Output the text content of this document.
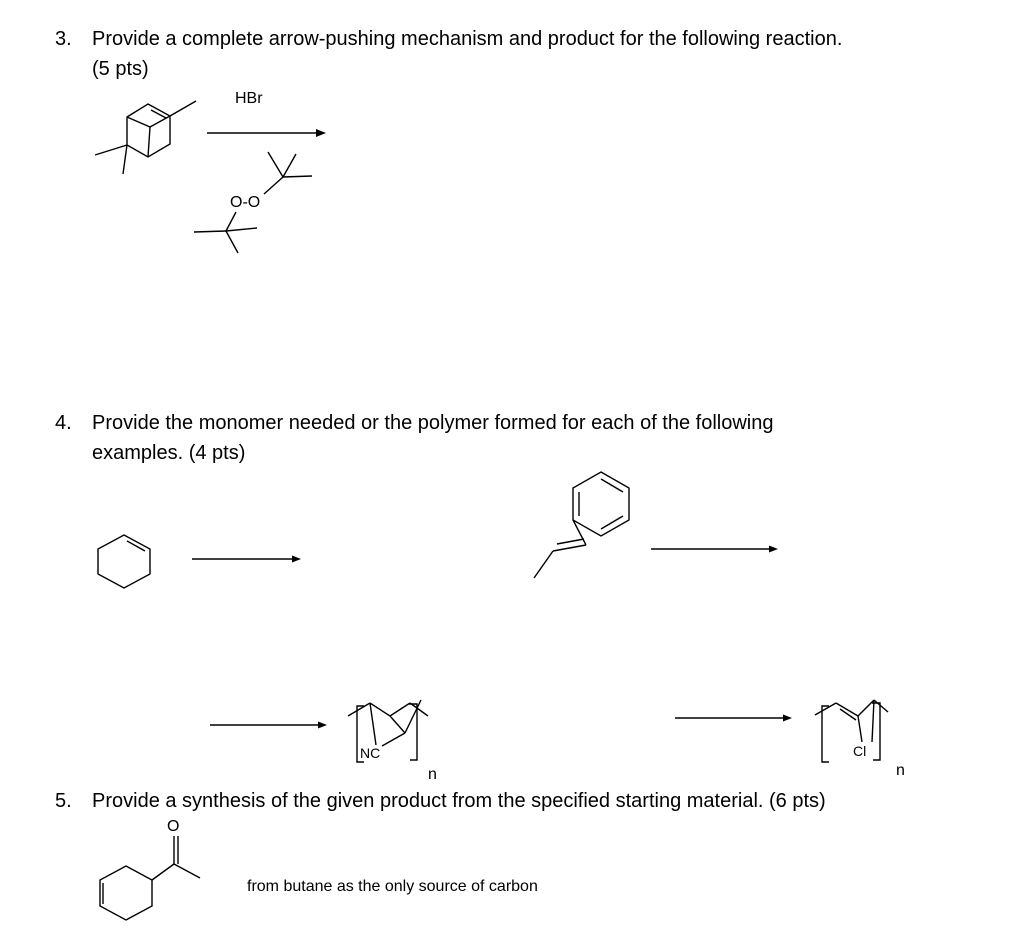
3. Provide a complete arrow-pushing mechanism and product for the following reaction.
(5 pts)
HBr
O-O
4. Provide the monomer needed or the polymer formed for each of the following
examples. (4 pts)
NC
n
Cl
n
5. Provide a synthesis of the given product from the specified starting material. (6 pts)
O
from butane as the only source of carbon
